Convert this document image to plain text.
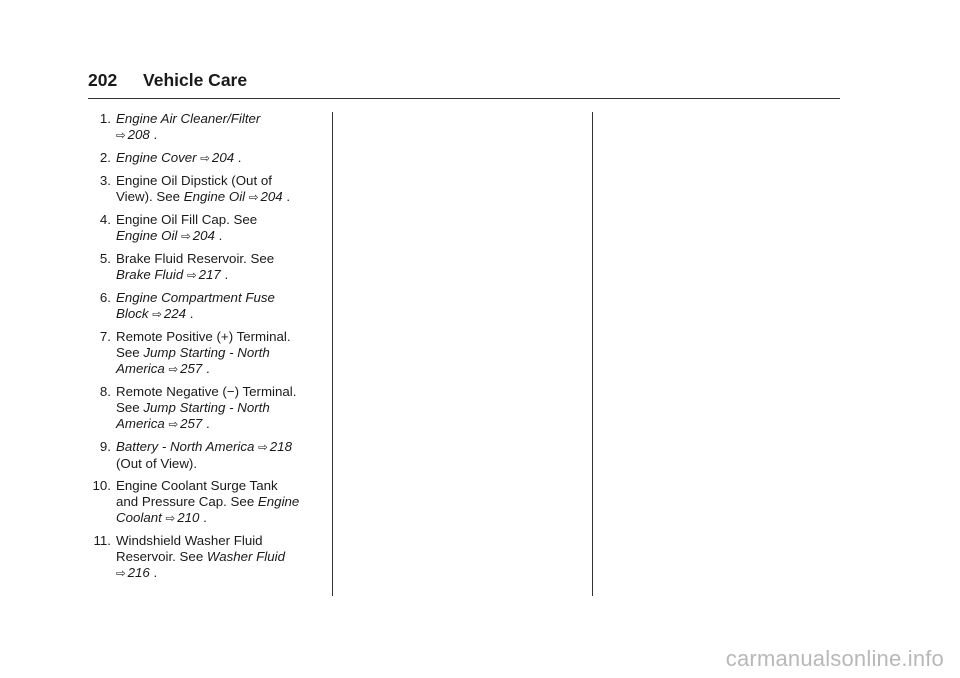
202 Vehicle Care
1. Engine Air Cleaner/Filter
⇨ 208 .
2. Engine Cover ⇨ 204 .
3. Engine Oil Dipstick (Out of
View). See Engine Oil ⇨ 204 .
4. Engine Oil Fill Cap. See
Engine Oil ⇨ 204 .
5. Brake Fluid Reservoir. See
Brake Fluid ⇨ 217 .
6. Engine Compartment Fuse
Block ⇨ 224 .
7. Remote Positive (+) Terminal.
See Jump Starting - North
America ⇨ 257 .
8. Remote Negative (−) Terminal.
See Jump Starting - North
America ⇨ 257 .
9. Battery - North America ⇨ 218
(Out of View).
10. Engine Coolant Surge Tank
and Pressure Cap. See Engine
Coolant ⇨ 210 .
11. Windshield Washer Fluid
Reservoir. See Washer Fluid
⇨ 216 .
carmanualsonline.info
